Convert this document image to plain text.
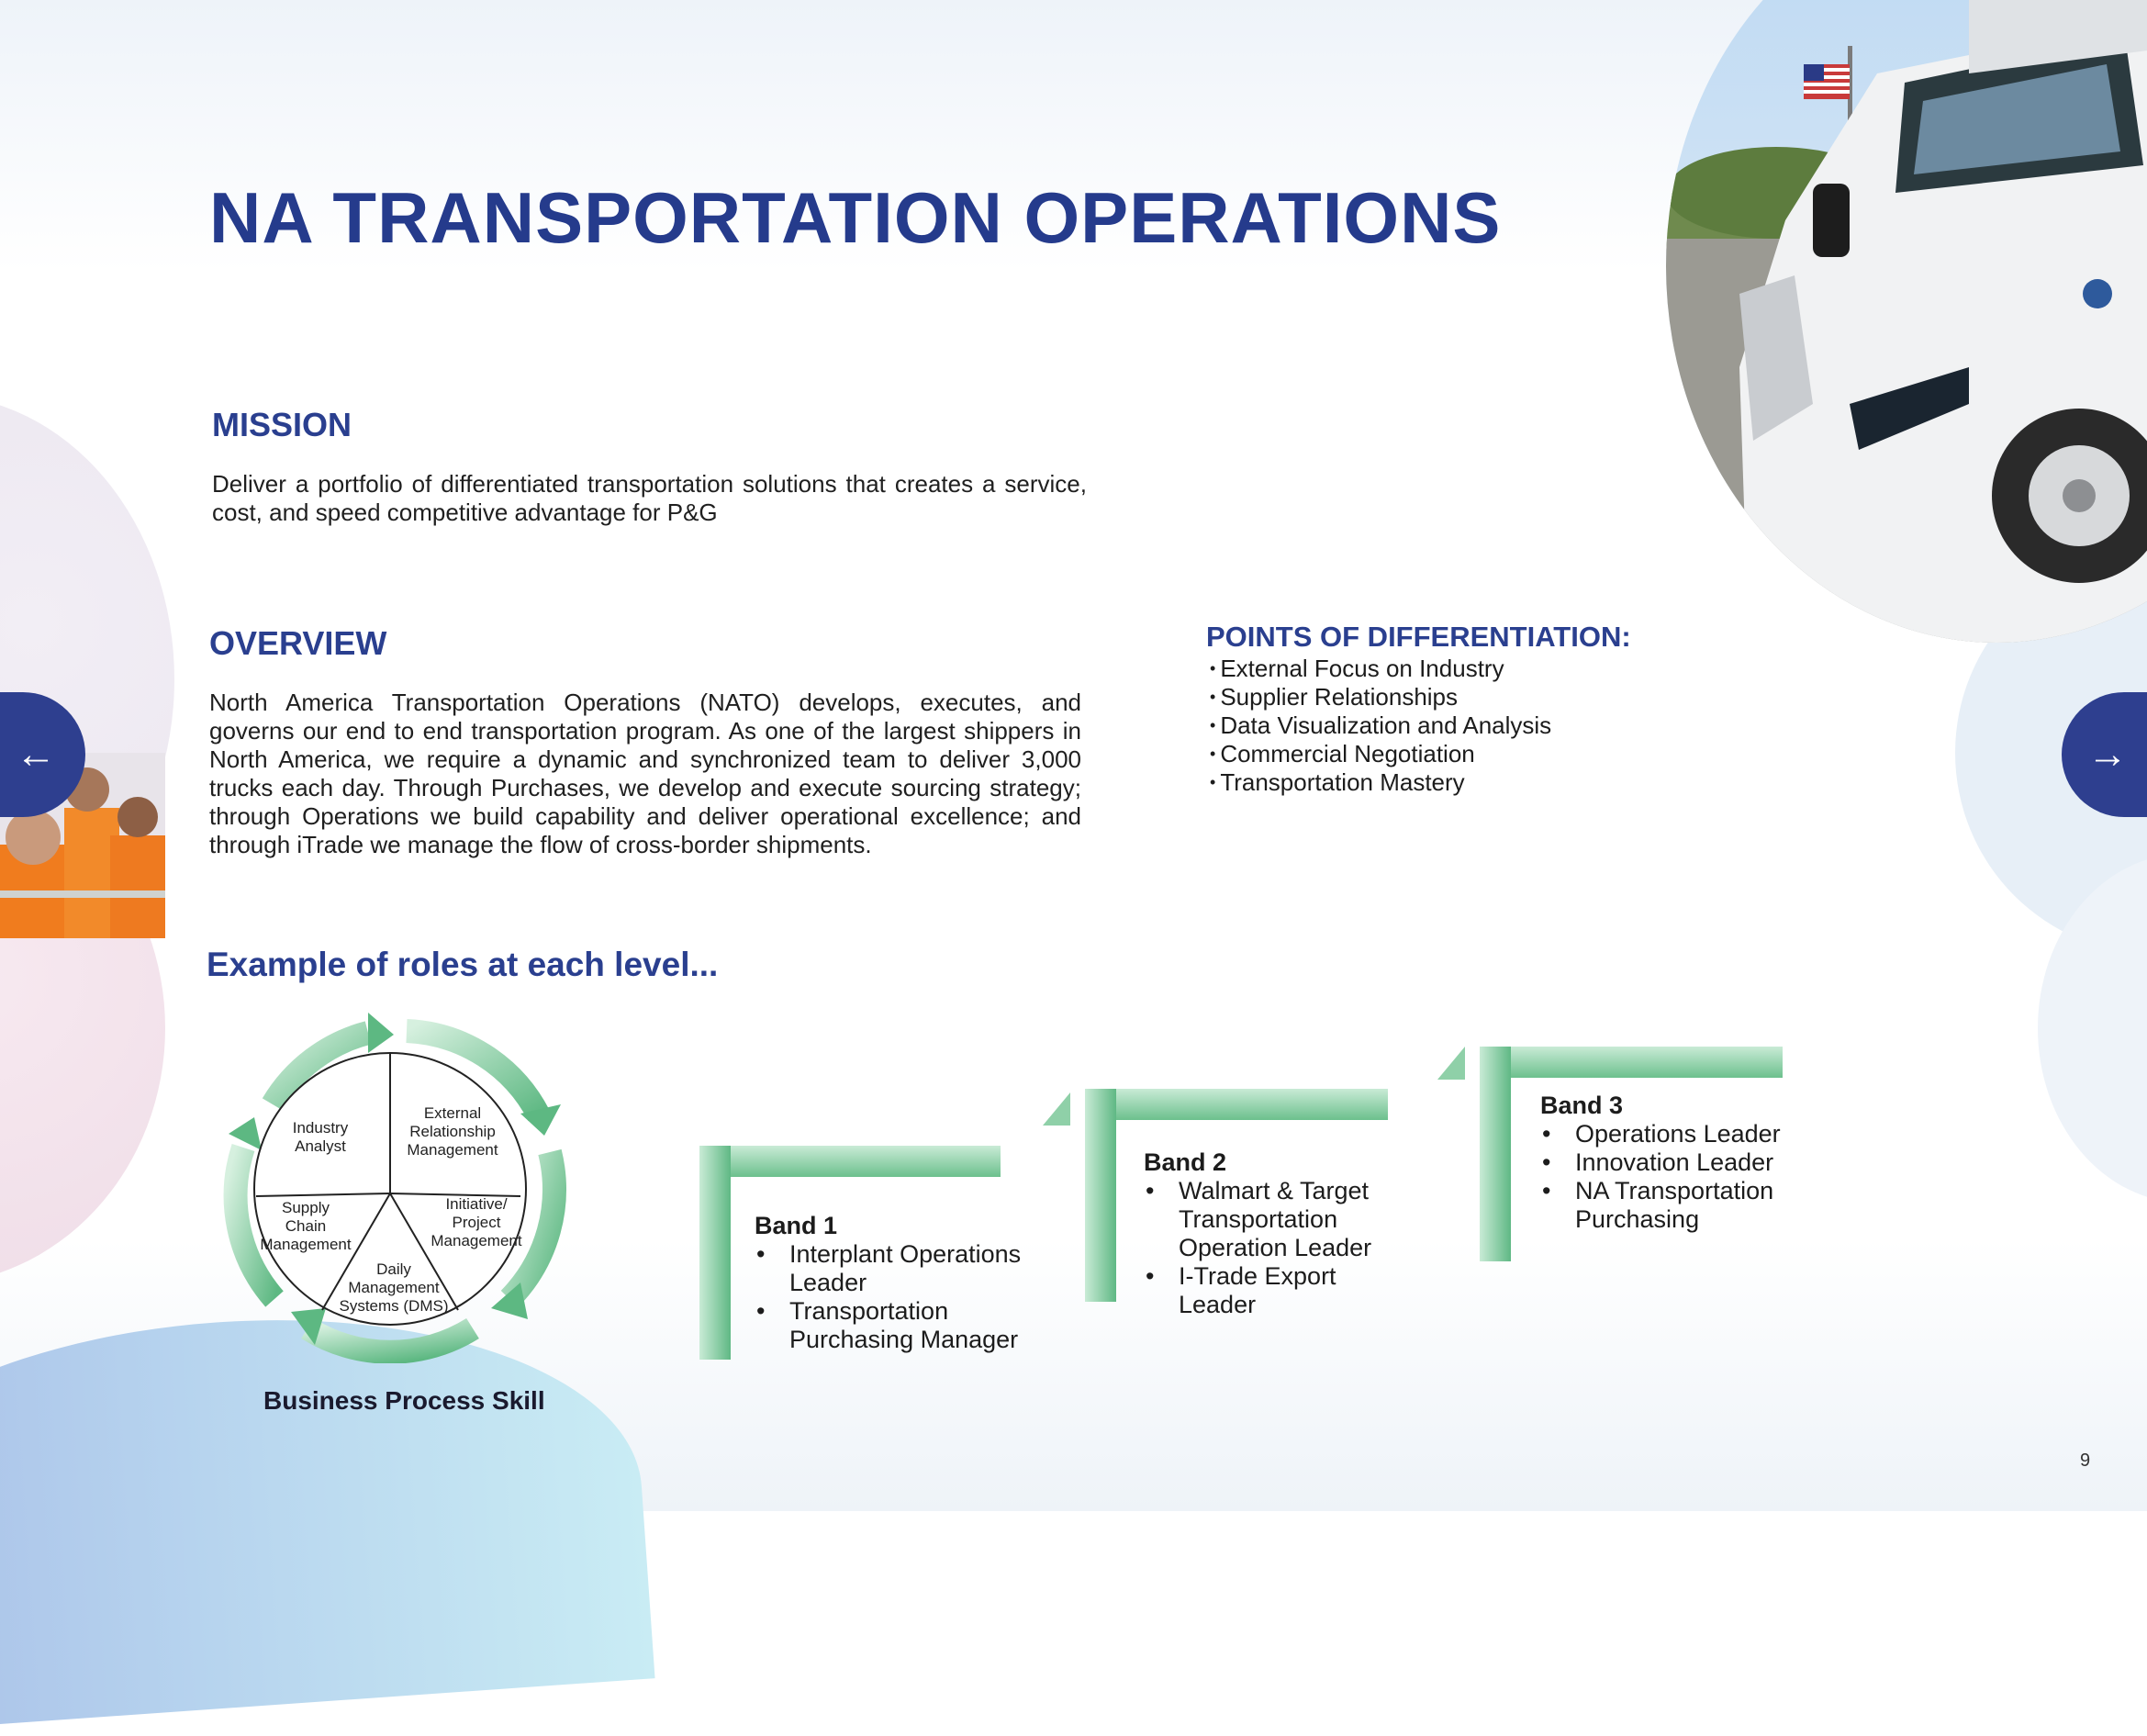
←	→
NA TRANSPORTATION OPERATIONS

MISSION

Deliver a portfolio of differentiated transportation solutions that creates a service, cost, and speed competitive advantage for P&G

OVERVIEW

North America Transportation Operations (NATO) develops, executes, and governs our end to end transportation program. As one of the largest shippers in North America, we require a dynamic and synchronized team to deliver 3,000 trucks each day. Through Purchases, we develop and execute sourcing strategy; through Operations we build capability and deliver operational excellence; and through iTrade we manage the flow of cross-border shipments.

POINTS OF DIFFERENTIATION:

• External Focus on Industry
• Supplier Relationships
• Data Visualization and Analysis
• Commercial Negotiation
• Transportation Mastery

Example of roles at each level...

Industry
Analyst
External
Relationship
Management
Initiative/
Project
Management
Daily
Management
Systems (DMS)
Supply
Chain
Management

Business Process Skill

Band 1
• Interplant Operations Leader
• Transportation Purchasing Manager
Band 2
• Walmart & Target Transportation Operation Leader
• I-Trade Export Leader
Band 3
• Operations Leader
• Innovation Leader
• NA Transportation Purchasing

9
